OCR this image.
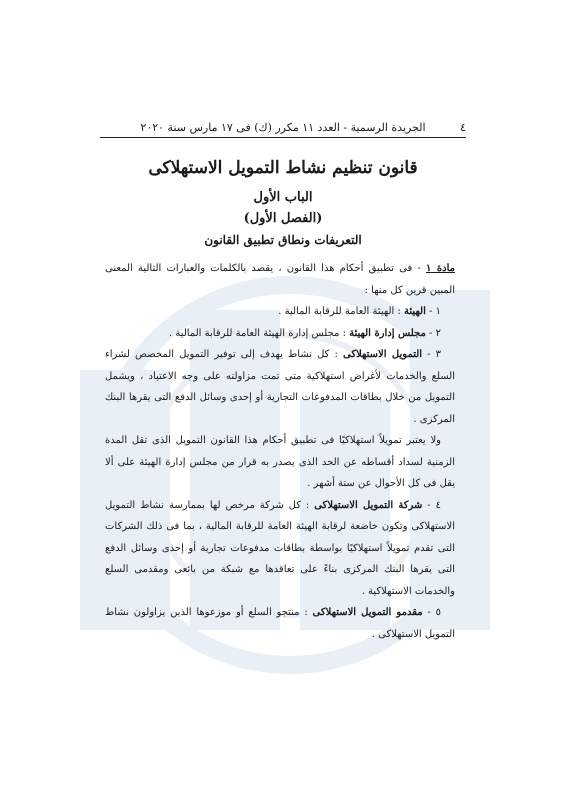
٤
الجريدة الرسمية - العدد ١١ مكرر (ك) فى ١٧ مارس سنة ٢٠٢٠
قانون تنظيم نشاط التمويل الاستهلاكى
الباب الأول
(الفصل الأول)
التعريفات ونطاق تطبيق القانون

مادة ١ - فى تطبيق أحكام هذا القانون ، يقصد بالكلمات والعبارات التالية المعنى المبين قرين كل منها :

١ - الهيئة : الهيئة العامة للرقابة المالية .

٢ - مجلس إدارة الهيئة : مجلس إدارة الهيئة العامة للرقابة المالية .

٣ - التمويل الاستهلاكى : كل نشاط يهدف إلى توفير التمويل المخصص لشراء السلع والخدمات لأغراض استهلاكية متى تمت مزاولته على وجه الاعتياد ، ويشمل التمويل من خلال بطاقات المدفوعات التجارية أو إحدى وسائل الدفع التى يقرها البنك المركزى .

ولا يعتبر تمويلاً استهلاكيًا فى تطبيق أحكام هذا القانون التمويل الذى تقل المدة الزمنية لسداد أقساطه عن الحد الذى يصدر به قرار من مجلس إدارة الهيئة على ألا يقل فى كل الأحوال عن ستة أشهر .

٤ - شركة التمويل الاستهلاكى : كل شركة مرخص لها بممارسة نشاط التمويل الاستهلاكى وتكون خاضعة لرقابة الهيئة العامة للرقابة المالية ، بما فى ذلك الشركات التى تقدم تمويلاً استهلاكيًا بواسطة بطاقات مدفوعات تجارية أو إحدى وسائل الدفع التى يقرها البنك المركزى بناءً على تعاقدها مع شبكة من بائعى ومقدمى السلع والخدمات الاستهلاكية .

٥ - مقدمو التمويل الاستهلاكى : منتجو السلع أو موزعوها الذين يزاولون نشاط التمويل الاستهلاكى .
